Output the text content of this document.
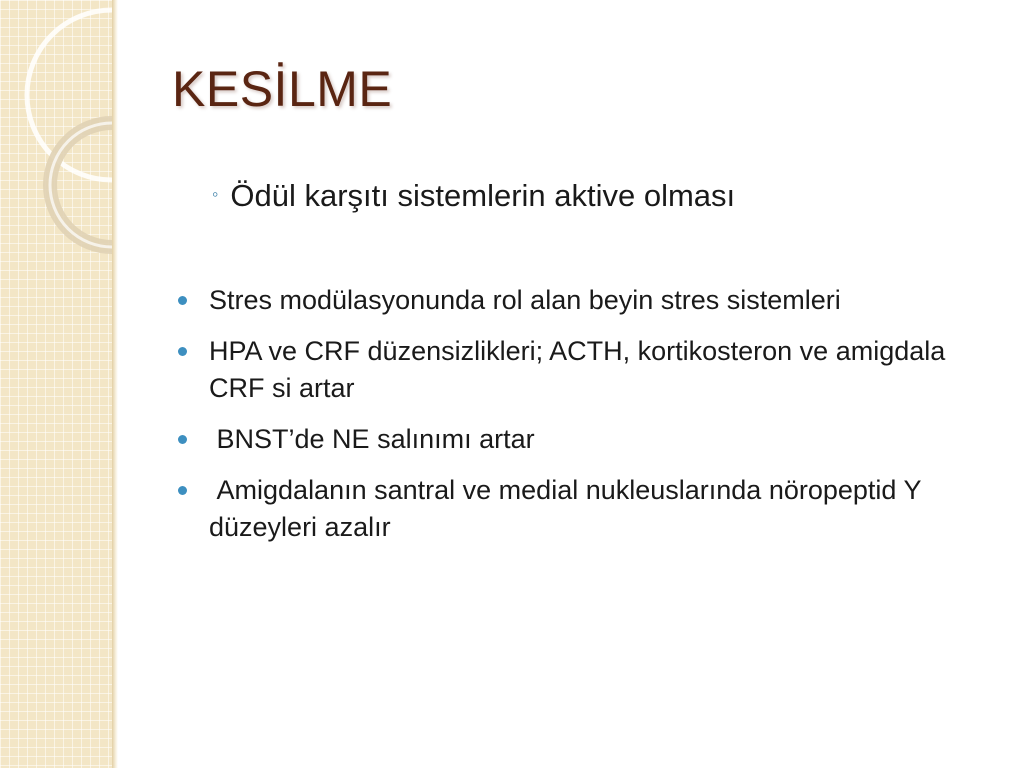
KESİLME
◦ Ödül karşıtı sistemlerin aktive olması
Stres modülasyonunda rol alan beyin stres sistemleri
HPA ve CRF düzensizlikleri; ACTH, kortikosteron ve amigdala CRF si artar
BNST’de NE salınımı artar
Amigdalanın santral ve medial nukleuslarında nöropeptid Y düzeyleri azalır
